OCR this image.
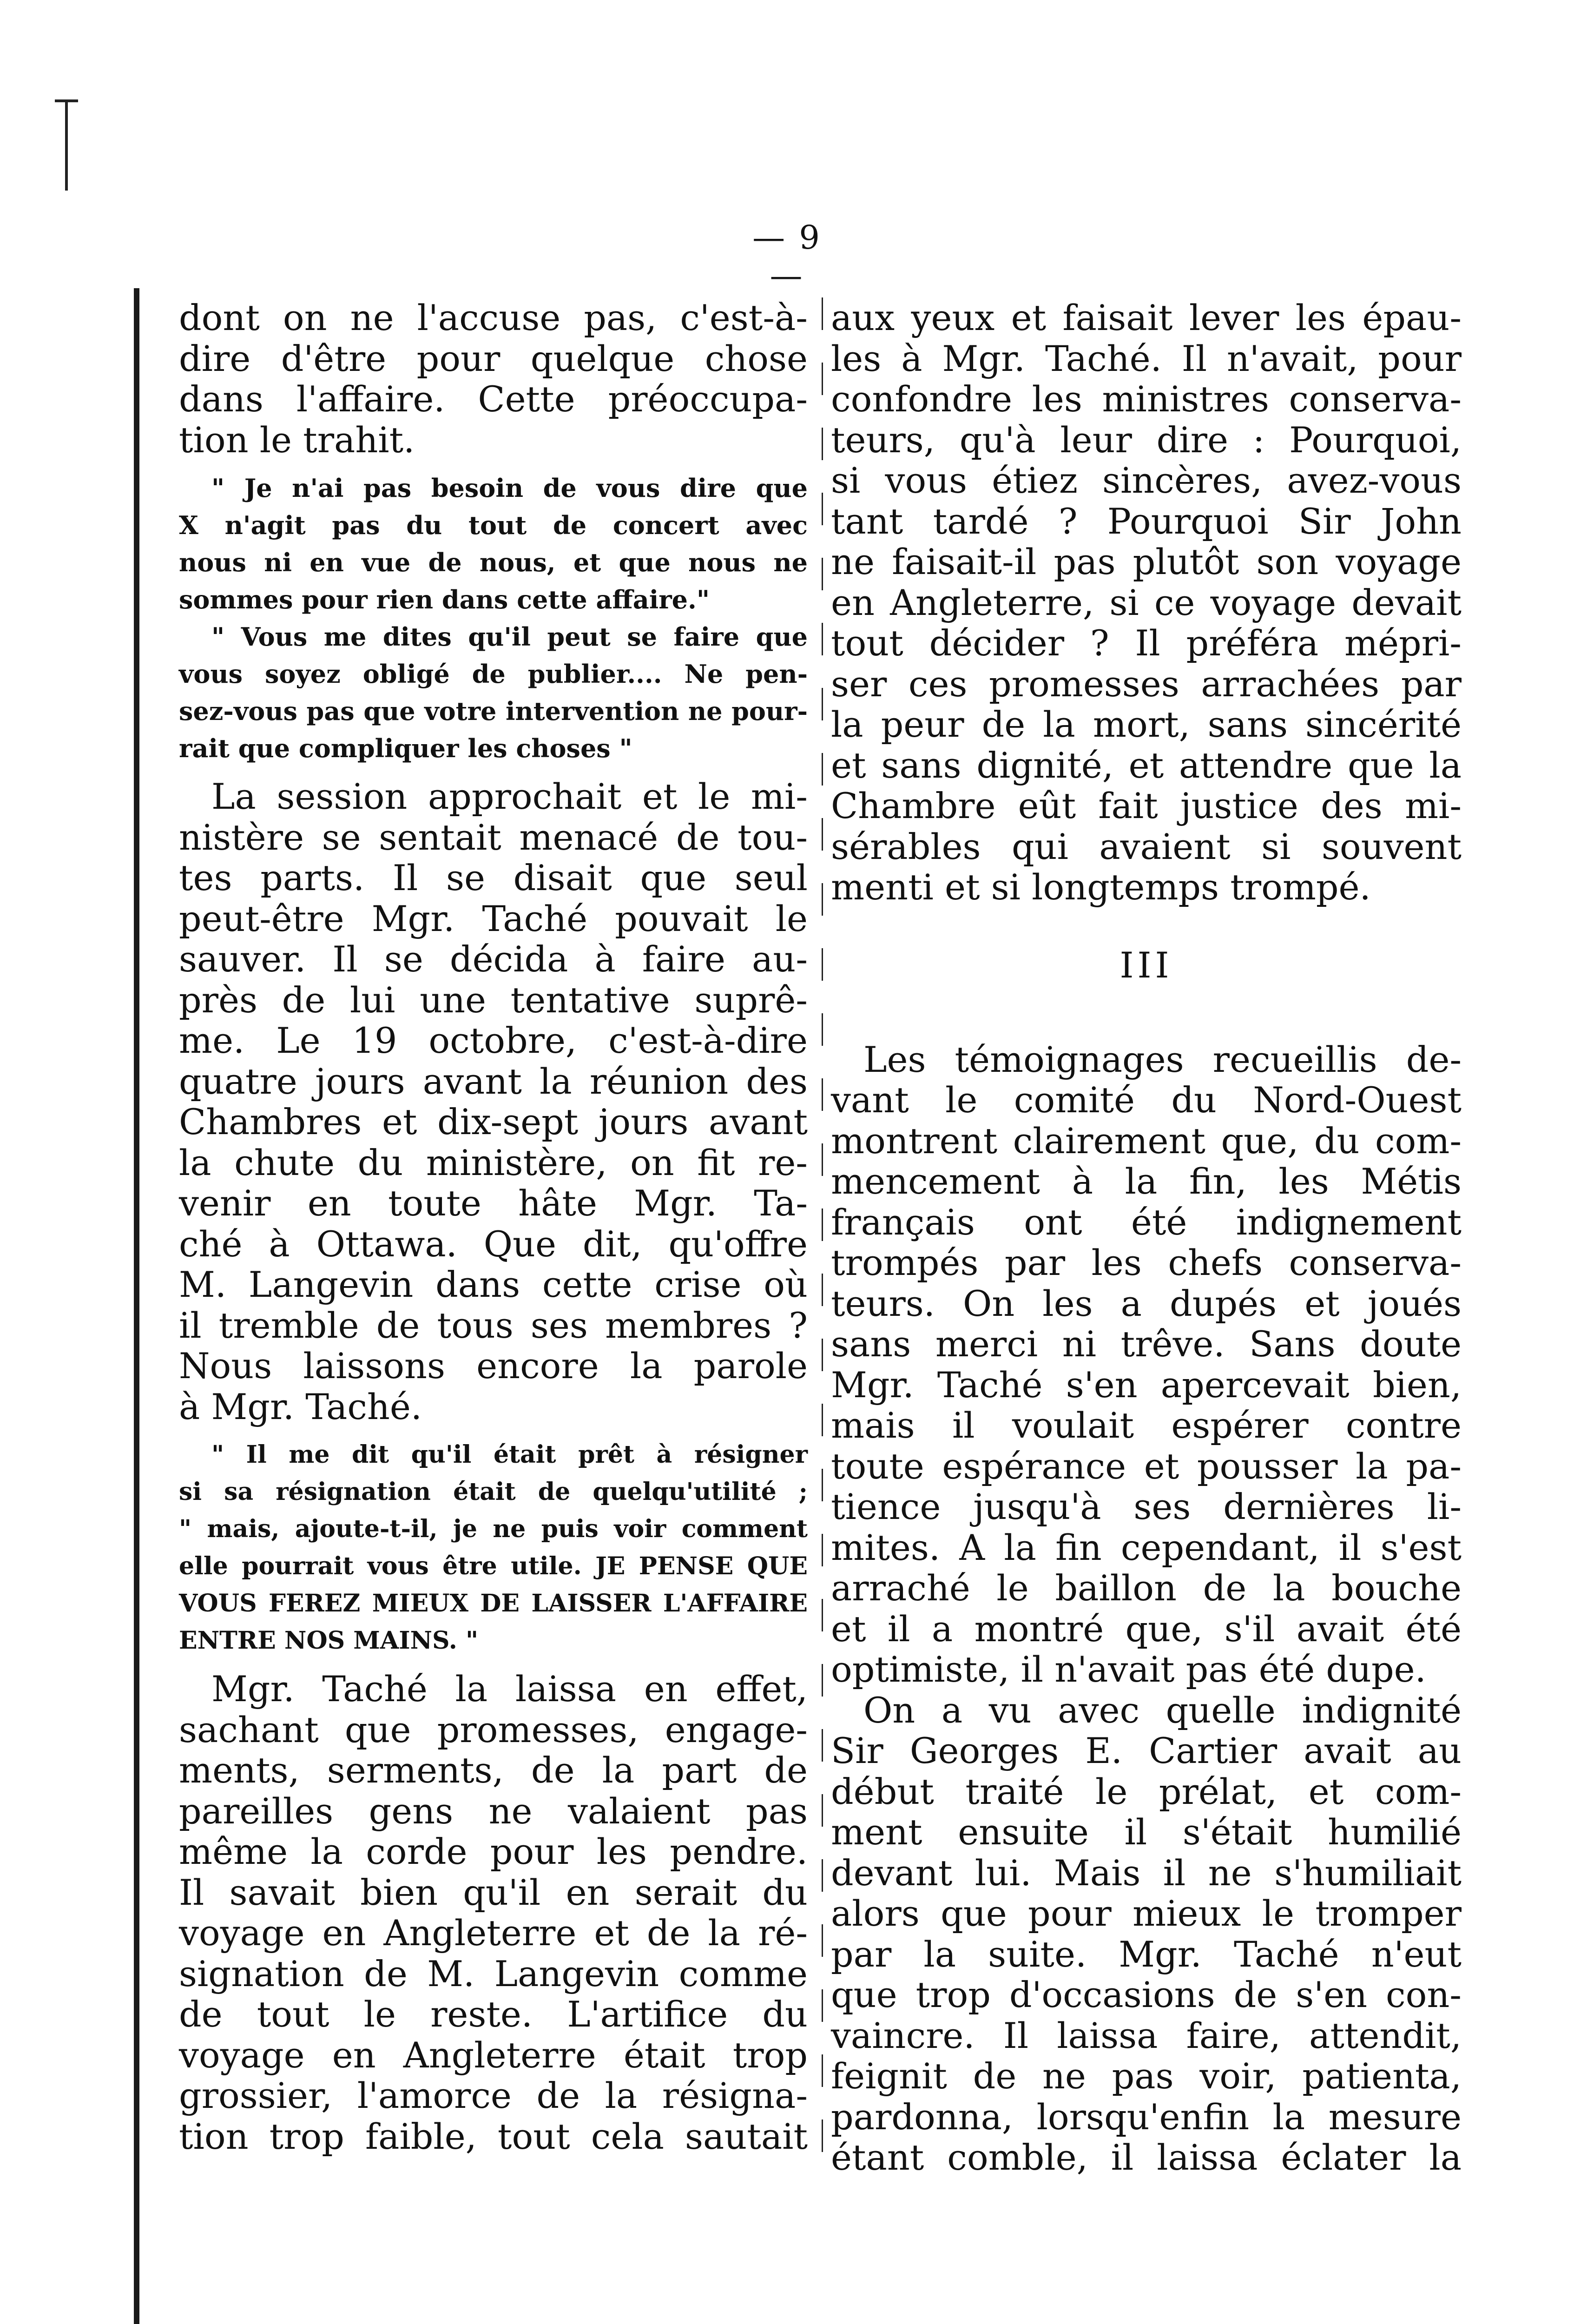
— 9 —
dont on ne l'accuse pas, c'est-à-
dire d'être pour quelque chose
dans l'affaire. Cette préoccupa-
tion le trahit.
" Je n'ai pas besoin de vous dire que
X n'agit pas du tout de concert avec
nous ni en vue de nous, et que nous ne
sommes pour rien dans cette affaire."
" Vous me dites qu'il peut se faire que
vous soyez obligé de publier.... Ne pen-
sez-vous pas que votre intervention ne pour-
rait que compliquer les choses "
La session approchait et le mi-
nistère se sentait menacé de tou-
tes parts. Il se disait que seul
peut-être Mgr. Taché pouvait le
sauver. Il se décida à faire au-
près de lui une tentative suprê-
me. Le 19 octobre, c'est-à-dire
quatre jours avant la réunion des
Chambres et dix-sept jours avant
la chute du ministère, on fit re-
venir en toute hâte Mgr. Ta-
ché à Ottawa. Que dit, qu'offre
M. Langevin dans cette crise où
il tremble de tous ses membres ?
Nous laissons encore la parole
à Mgr. Taché.
" Il me dit qu'il était prêt à résigner
si sa résignation était de quelqu'utilité ;
" mais, ajoute-t-il, je ne puis voir comment
elle pourrait vous être utile. JE PENSE QUE
VOUS FEREZ MIEUX DE LAISSER L'AFFAIRE
ENTRE NOS MAINS. "
Mgr. Taché la laissa en effet,
sachant que promesses, engage-
ments, serments, de la part de
pareilles gens ne valaient pas
même la corde pour les pendre.
Il savait bien qu'il en serait du
voyage en Angleterre et de la ré-
signation de M. Langevin comme
de tout le reste. L'artifice du
voyage en Angleterre était trop
grossier, l'amorce de la résigna-
tion trop faible, tout cela sautait
aux yeux et faisait lever les épau-
les à Mgr. Taché. Il n'avait, pour
confondre les ministres conserva-
teurs, qu'à leur dire : Pourquoi,
si vous étiez sincères, avez-vous
tant tardé ? Pourquoi Sir John
ne faisait-il pas plutôt son voyage
en Angleterre, si ce voyage devait
tout décider ? Il préféra mépri-
ser ces promesses arrachées par
la peur de la mort, sans sincérité
et sans dignité, et attendre que la
Chambre eût fait justice des mi-
sérables qui avaient si souvent
menti et si longtemps trompé.
III
Les témoignages recueillis de-
vant le comité du Nord-Ouest
montrent clairement que, du com-
mencement à la fin, les Métis
français ont été indignement
trompés par les chefs conserva-
teurs. On les a dupés et joués
sans merci ni trêve. Sans doute
Mgr. Taché s'en apercevait bien,
mais il voulait espérer contre
toute espérance et pousser la pa-
tience jusqu'à ses dernières li-
mites. A la fin cependant, il s'est
arraché le baillon de la bouche
et il a montré que, s'il avait été
optimiste, il n'avait pas été dupe.
On a vu avec quelle indignité
Sir Georges E. Cartier avait au
début traité le prélat, et com-
ment ensuite il s'était humilié
devant lui. Mais il ne s'humiliait
alors que pour mieux le tromper
par la suite. Mgr. Taché n'eut
que trop d'occasions de s'en con-
vaincre. Il laissa faire, attendit,
feignit de ne pas voir, patienta,
pardonna, lorsqu'enfin la mesure
étant comble, il laissa éclater la
